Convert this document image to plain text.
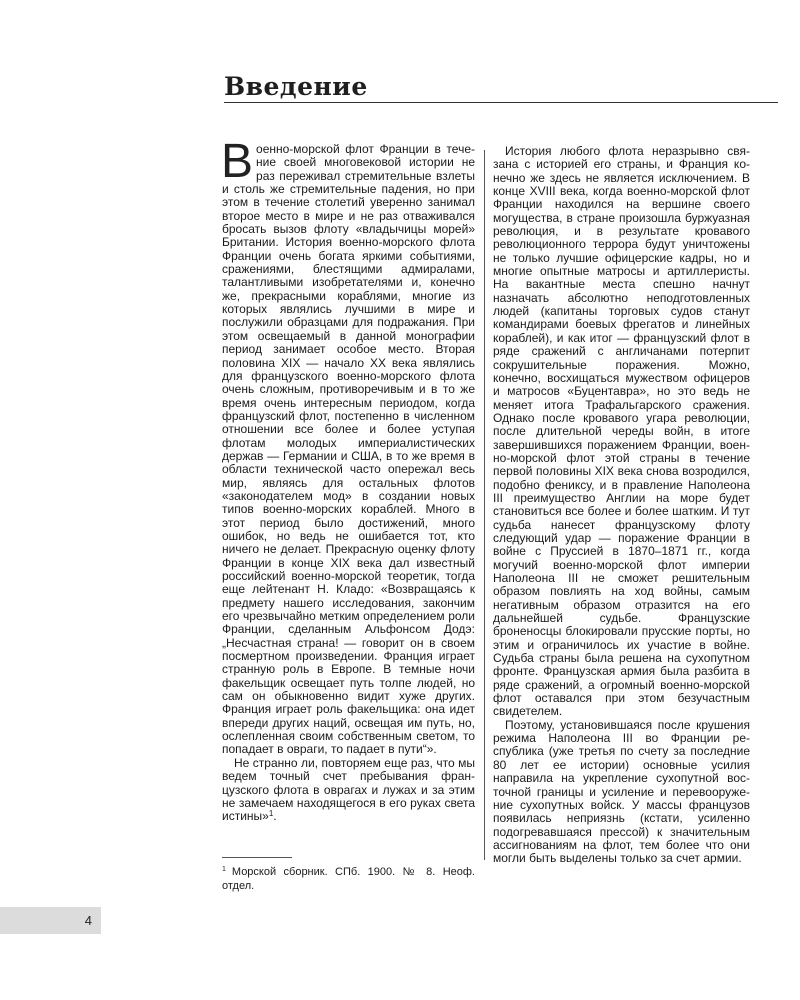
Введение

Военно-морской флот Франции в течение своей многовековой истории не раз переживал стремительные взлеты и столь же стремительные падения, но при этом в течение столетий уверенно занимал второе место в мире и не раз отваживался бросать вызов флоту «владычицы морей» Британии. История военно-морского флота Франции очень богата яркими событиями, сражениями, блестящими адмиралами, талантливыми изобретателями и, конечно же, прекрасными кораблями, многие из которых являлись лучшими в мире и послужили образцами для подражания. При этом освещаемый в данной монографии период занимает особое место. Вторая половина XIX — начало XX века являлись для французского военно-морского флота очень сложным, противоречивым и в то же время очень интересным периодом, когда французский флот, постепенно в численном отношении все более и более уступая флотам молодых империалистических держав — Германии и США, в то же время в области технической часто опережал весь мир, являясь для остальных флотов «законодателем мод» в создании новых типов военно-морских кораблей. Много в этот период было достижений, много ошибок, но ведь не ошибается тот, кто ничего не делает. Прекрасную оценку флоту Франции в конце XIX века дал известный российский военно-морской теоретик, тогда еще лейтенант Н. Кладо: «Возвращаясь к предмету нашего исследования, закончим его чрезвычайно метким определением роли Франции, сделанным Альфонсом Додэ: „Несчастная страна! — говорит он в своем посмертном произведении. Франция играет странную роль в Европе. В темные ночи факельщик освещает путь толпе людей, но сам он обыкновенно видит хуже других. Франция играет роль факельщика: она идет впереди других наций, освещая им путь, но, ослепленная своим собственным светом, то попадает в овраги, то падает в пути“».

Не странно ли, повторяем еще раз, что мы ведем точный счет пребывания французского флота в оврагах и лужах и за этим не замечаем находящегося в его руках света истины»$^1$.

История любого флота неразрывно связана с историей его страны, и Франция конечно же здесь не является исключением. В конце XVIII века, когда военно-морской флот Франции находился на вершине своего могущества, в стране произошла буржуазная революция, и в результате кровавого революционного террора будут уничтожены не только лучшие офицерские кадры, но и многие опытные матросы и артиллеристы. На вакантные места спешно начнут назначать абсолютно неподготовленных людей (капитаны торговых судов станут командирами боевых фрегатов и линейных кораблей), и как итог — французский флот в ряде сражений с англичанами потерпит сокрушительные поражения. Можно, конечно, восхищаться мужеством офицеров и матросов «Буцентавра», но это ведь не меняет итога Трафальгарского сражения. Однако после кровавого угара революции, после длительной череды войн, в итоге завершившихся поражением Франции, военно-морской флот этой страны в течение первой половины XIX века снова возродился, подобно фениксу, и в правление Наполеона III преимущество Англии на море будет становиться все более и более шатким. И тут судьба нанесет французскому флоту следующий удар — поражение Франции в войне с Пруссией в 1870–1871 гг., когда могучий военно-морской флот империи Наполеона III не сможет решительным образом повлиять на ход войны, самым негативным образом отразится на его дальнейшей судьбе. Французские броненосцы блокировали прусские порты, но этим и ограничилось их участие в войне. Судьба страны была решена на сухопутном фронте. Французская армия была разбита в ряде сражений, а огромный военно-морской флот оставался при этом безучастным свидетелем.

Поэтому, установившаяся после крушения режима Наполеона III во Франции республика (уже третья по счету за последние 80 лет ее истории) основные усилия направила на укрепление сухопутной восточной границы и усиление и перевооружение сухопутных войск. У массы французов появилась неприязнь (кстати, усиленно подогревавшаяся прессой) к значительным ассигнованиям на флот, тем более что они могли быть выделены только за счет армии.

$^1$ Морской сборник. СПб. 1900. № 8. Неоф. отдел.
4
